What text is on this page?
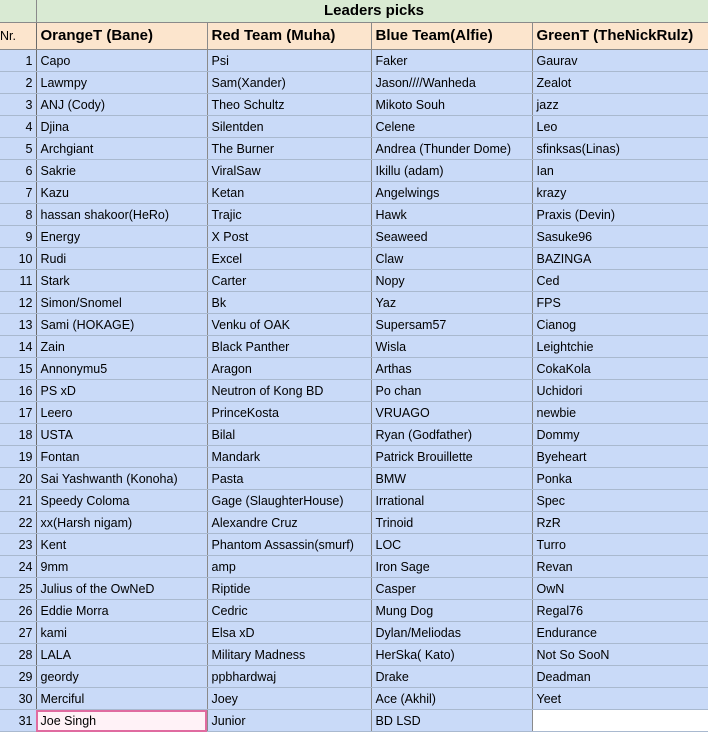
	Leaders picks			
Nr.	OrangeT (Bane)	Red Team (Muha)	Blue Team(Alfie)	GreenT (TheNickRulz)
1	Capo	Psi	Faker	Gaurav
2	Lawmpy	Sam(Xander)	Jason////Wanheda	Zealot
3	ANJ (Cody)	Theo Schultz	Mikoto Souh	jazz
4	Djina	Silentden	Celene	Leo
5	Archgiant	The Burner	Andrea (Thunder Dome)	sfinksas(Linas)
6	Sakrie	ViralSaw	Ikillu (adam)	Ian
7	Kazu	Ketan	Angelwings	krazy
8	hassan shakoor(HeRo)	Trajic	Hawk	Praxis (Devin)
9	Energy	X Post	Seaweed	Sasuke96
10	Rudi	Excel	Claw	BAZINGA
11	Stark	Carter	Nopy	Ced
12	Simon/Snomel	Bk	Yaz	FPS
13	Sami (HOKAGE)	Venku of OAK	Supersam57	Cianog
14	Zain	Black Panther	Wisla	Leightchie
15	Annonymu5	Aragon	Arthas	CokaKola
16	PS xD	Neutron of Kong BD	Po chan	Uchidori
17	Leero	PrinceKosta	VRUAGO	newbie
18	USTA	Bilal	Ryan (Godfather)	Dommy
19	Fontan	Mandark	Patrick Brouillette	Byeheart
20	Sai Yashwanth (Konoha)	Pasta	BMW	Ponka
21	Speedy Coloma	Gage (SlaughterHouse)	Irrational	Spec
22	xx(Harsh nigam)	Alexandre Cruz	Trinoid	RzR
23	Kent	Phantom Assassin(smurf)	LOC	Turro
24	9mm	amp	Iron Sage	Revan
25	Julius of the OwNeD	Riptide	Casper	OwN
26	Eddie Morra	Cedric	Mung Dog	Regal76
27	kami	Elsa xD	Dylan/Meliodas	Endurance
28	LALA	Military Madness	HerSka( Kato)	Not So SooN
29	geordy	ppbhardwaj	Drake	Deadman
30	Merciful	Joey	Ace (Akhil)	Yeet
31	Joe Singh	Junior	BD LSD	
